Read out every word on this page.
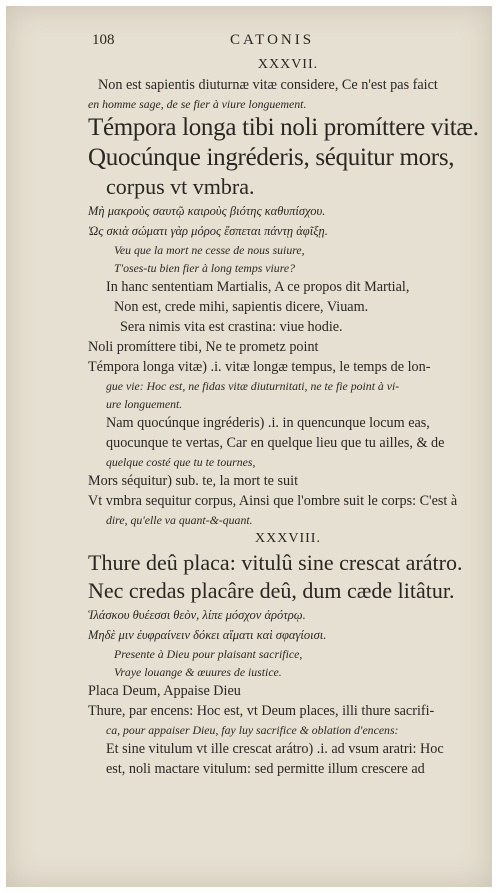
108	CATONIS
XXXVII.
Non est sapientis diuturnæ vitæ considere, Ce n'est pas faict
en homme sage, de se fier à viure longuement.
Témpora longa tibi noli promíttere vitæ.
Quocúnque ingréderis, séquitur mors,
corpus vt vmbra.
Μὴ μακροὺς σαυτῷ καιροὺς βιότης καθυπίσχου.
Ὡς σκιὰ σώματι γὰρ μόρος ἕσπεται πάντῃ ἀφῖξῃ.
Veu que la mort ne cesse de nous suiure,
T'oses-tu bien fier à long temps viure?
In hanc sententiam Martialis, A ce propos dit Martial,
Non est, crede mihi, sapientis dicere, Viuam.
Sera nimis vita est crastina: viue hodie.
Noli promíttere tibi, Ne te prometz point
Témpora longa vitæ) .i. vitæ longæ tempus, le temps de lon-
gue vie: Hoc est, ne fidas vitæ diuturnitati, ne te fie point à vi-
ure longuement.
Nam quocúnque ingréderis) .i. in quencunque locum eas,
quocunque te vertas, Car en quelque lieu que tu ailles, & de
quelque costé que tu te tournes,
Mors séquitur) sub. te, la mort te suit
Vt vmbra sequitur corpus, Ainsi que l'ombre suit le corps: C'est à
dire, qu'elle va quant-&-quant.
XXXVIII.
Thure deû placa: vitulû sine crescat arátro.
Nec credas placâre deû, dum cæde litâtur.
Ἱλάσκου θυέεσσι θεὸν, λίπε μόσχον ἀρότρῳ.
Μηδὲ μιν ἐυφραίνειν δόκει αἵματι καὶ σφαγίοισι.
Presente à Dieu pour plaisant sacrifice,
Vraye louange & œuures de iustice.
Placa Deum, Appaise Dieu
Thure, par encens: Hoc est, vt Deum places, illi thure sacrifi-
ca, pour appaiser Dieu, fay luy sacrifice & oblation d'encens:
Et sine vitulum vt ille crescat arátro) .i. ad vsum aratri: Hoc
est, noli mactare vitulum: sed permitte illum crescere ad
